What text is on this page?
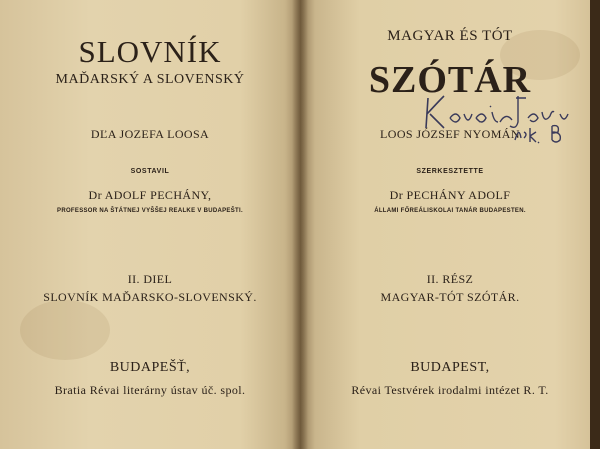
SLOVNÍK
MAĎARSKÝ A SLOVENSKÝ
DĽA JOZEFA LOOSA
SOSTAVIL
Dr ADOLF PECHÁNY,
PROFESSOR NA ŠTÁTNEJ VYŠŠEJ REALKE V BUDAPEŠTI.
II. DIEL
SLOVNÍK MAĎARSKO-SLOVENSKÝ.
BUDAPEŠŤ,
Bratia Révai literárny ústav úč. spol.
MAGYAR ÉS TÓT
SZÓTÁR
LOOS JÓZSEF NYOMÁN
SZERKESZTETTE
Dr PECHÁNY ADOLF
ÁLLAMI FŐREÁLISKOLAI TANÁR BUDAPESTEN.
II. RÉSZ
MAGYAR-TÓT SZÓTÁR.
BUDAPEST,
Révai Testvérek irodalmi intézet R. T.
